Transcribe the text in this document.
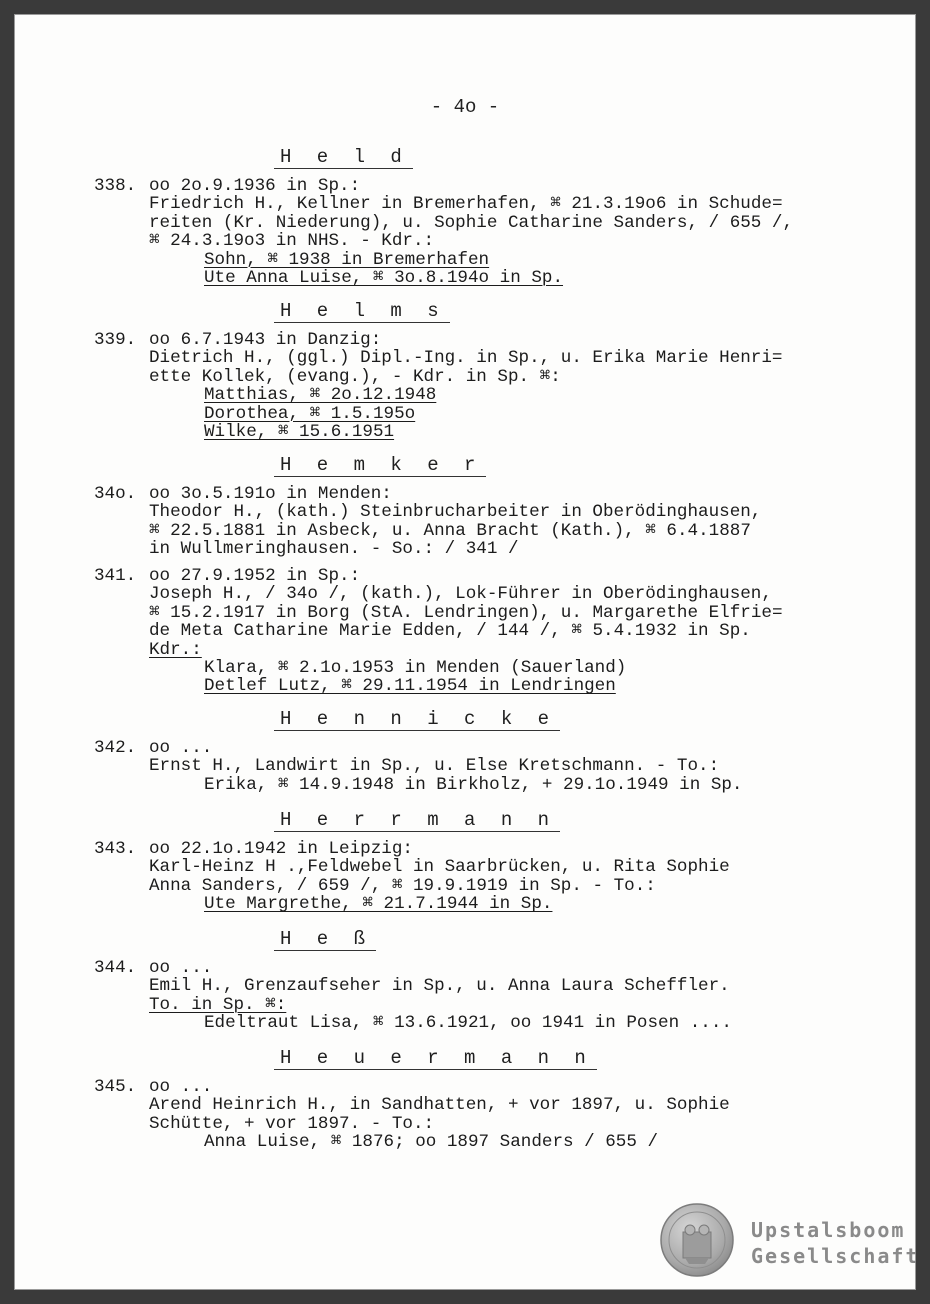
- 4o -
H e l d
338. oo 2o.9.1936 in Sp.:
Friedrich H., Kellner in Bremerhafen, ⌘ 21.3.19o6 in Schude=
reiten (Kr. Niederung), u. Sophie Catharine Sanders, / 655 /,
⌘ 24.3.19o3 in NHS. - Kdr.:
Sohn, ⌘ 1938 in Bremerhafen
Ute Anna Luise, ⌘ 3o.8.194o in Sp.
H e l m s
339. oo 6.7.1943 in Danzig:
Dietrich H., (ggl.) Dipl.-Ing. in Sp., u. Erika Marie Henri=
ette Kollek, (evang.), - Kdr. in Sp. ⌘:
Matthias, ⌘ 2o.12.1948
Dorothea, ⌘ 1.5.195o
Wilke, ⌘ 15.6.1951
H e m k e r
34o. oo 3o.5.191o in Menden:
Theodor H., (kath.) Steinbrucharbeiter in Oberödinghausen,
⌘ 22.5.1881 in Asbeck, u. Anna Bracht (Kath.), ⌘ 6.4.1887
in Wullmeringhausen. - So.: / 341 /
341. oo 27.9.1952 in Sp.:
Joseph H., / 34o /, (kath.), Lok-Führer in Oberödinghausen,
⌘ 15.2.1917 in Borg (StA. Lendringen), u. Margarethe Elfrie=
de Meta Catharine Marie Edden, / 144 /, ⌘ 5.4.1932 in Sp.
Kdr.:
Klara, ⌘ 2.1o.1953 in Menden (Sauerland)
Detlef Lutz, ⌘ 29.11.1954 in Lendringen
H e n n i c k e
342. oo ...
Ernst H., Landwirt in Sp., u. Else Kretschmann. - To.:
Erika, ⌘ 14.9.1948 in Birkholz, + 29.1o.1949 in Sp.
H e r r m a n n
343. oo 22.1o.1942 in Leipzig:
Karl-Heinz H .,Feldwebel in Saarbrücken, u. Rita Sophie
Anna Sanders, / 659 /, ⌘ 19.9.1919 in Sp. - To.:
Ute Margrethe, ⌘ 21.7.1944 in Sp.
H e ß
344. oo ...
Emil H., Grenzaufseher in Sp., u. Anna Laura Scheffler.
To. in Sp. ⌘:
Edeltraut Lisa, ⌘ 13.6.1921, oo 1941 in Posen ....
H e u e r m a n n
345. oo ...
Arend Heinrich H., in Sandhatten, + vor 1897, u. Sophie
Schütte, + vor 1897. - To.:
Anna Luise, ⌘ 1876; oo 1897 Sanders / 655 /
Upstalsboom
Gesellschaft
